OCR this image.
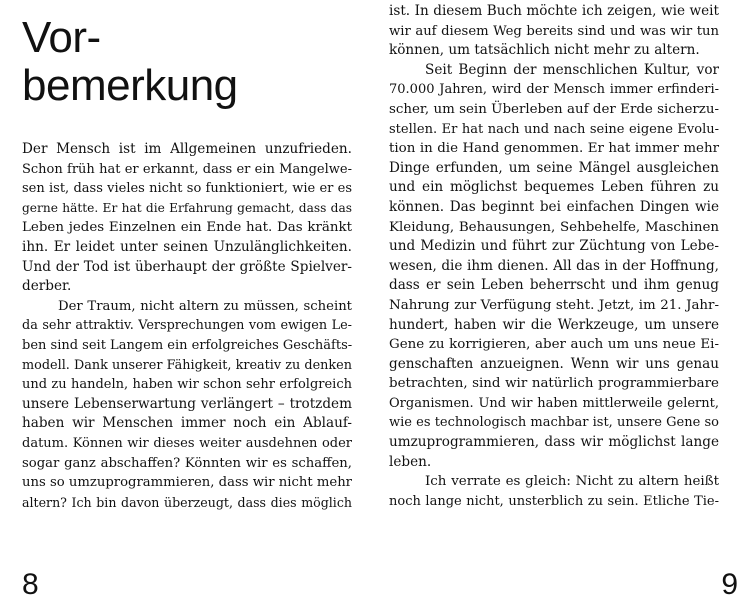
Vor-
bemerkung
Der Mensch ist im Allgemeinen unzufrieden.
Schon früh hat er erkannt, dass er ein Mangelwe-
sen ist, dass vieles nicht so funktioniert, wie er es
gerne hätte. Er hat die Erfahrung gemacht, dass das
Leben jedes Einzelnen ein Ende hat. Das kränkt
ihn. Er leidet unter seinen Unzulänglichkeiten.
Und der Tod ist überhaupt der größte Spielver-
derber.
Der Traum, nicht altern zu müssen, scheint
da sehr attraktiv. Versprechungen vom ewigen Le-
ben sind seit Langem ein erfolgreiches Geschäfts-
modell. Dank unserer Fähigkeit, kreativ zu denken
und zu handeln, haben wir schon sehr erfolgreich
unsere Lebenserwartung verlängert – trotzdem
haben wir Menschen immer noch ein Ablauf-
datum. Können wir dieses weiter ausdehnen oder
sogar ganz abschaffen? Könnten wir es schaffen,
uns so umzuprogrammieren, dass wir nicht mehr
altern? Ich bin davon überzeugt, dass dies möglich
ist. In diesem Buch möchte ich zeigen, wie weit
wir auf diesem Weg bereits sind und was wir tun
können, um tatsächlich nicht mehr zu altern.
Seit Beginn der menschlichen Kultur, vor
70.000 Jahren, wird der Mensch immer erfinderi-
scher, um sein Überleben auf der Erde sicherzu-
stellen. Er hat nach und nach seine eigene Evolu-
tion in die Hand genommen. Er hat immer mehr
Dinge erfunden, um seine Mängel ausgleichen
und ein möglichst bequemes Leben führen zu
können. Das beginnt bei einfachen Dingen wie
Kleidung, Behausungen, Sehbehelfe, Maschinen
und Medizin und führt zur Züchtung von Lebe-
wesen, die ihm dienen. All das in der Hoffnung,
dass er sein Leben beherrscht und ihm genug
Nahrung zur Verfügung steht. Jetzt, im 21. Jahr-
hundert, haben wir die Werkzeuge, um unsere
Gene zu korrigieren, aber auch um uns neue Ei-
genschaften anzueignen. Wenn wir uns genau
betrachten, sind wir natürlich programmierbare
Organismen. Und wir haben mittlerweile gelernt,
wie es technologisch machbar ist, unsere Gene so
umzuprogrammieren, dass wir möglichst lange
leben.
Ich verrate es gleich: Nicht zu altern heißt
noch lange nicht, unsterblich zu sein. Etliche Tie-
8	9
